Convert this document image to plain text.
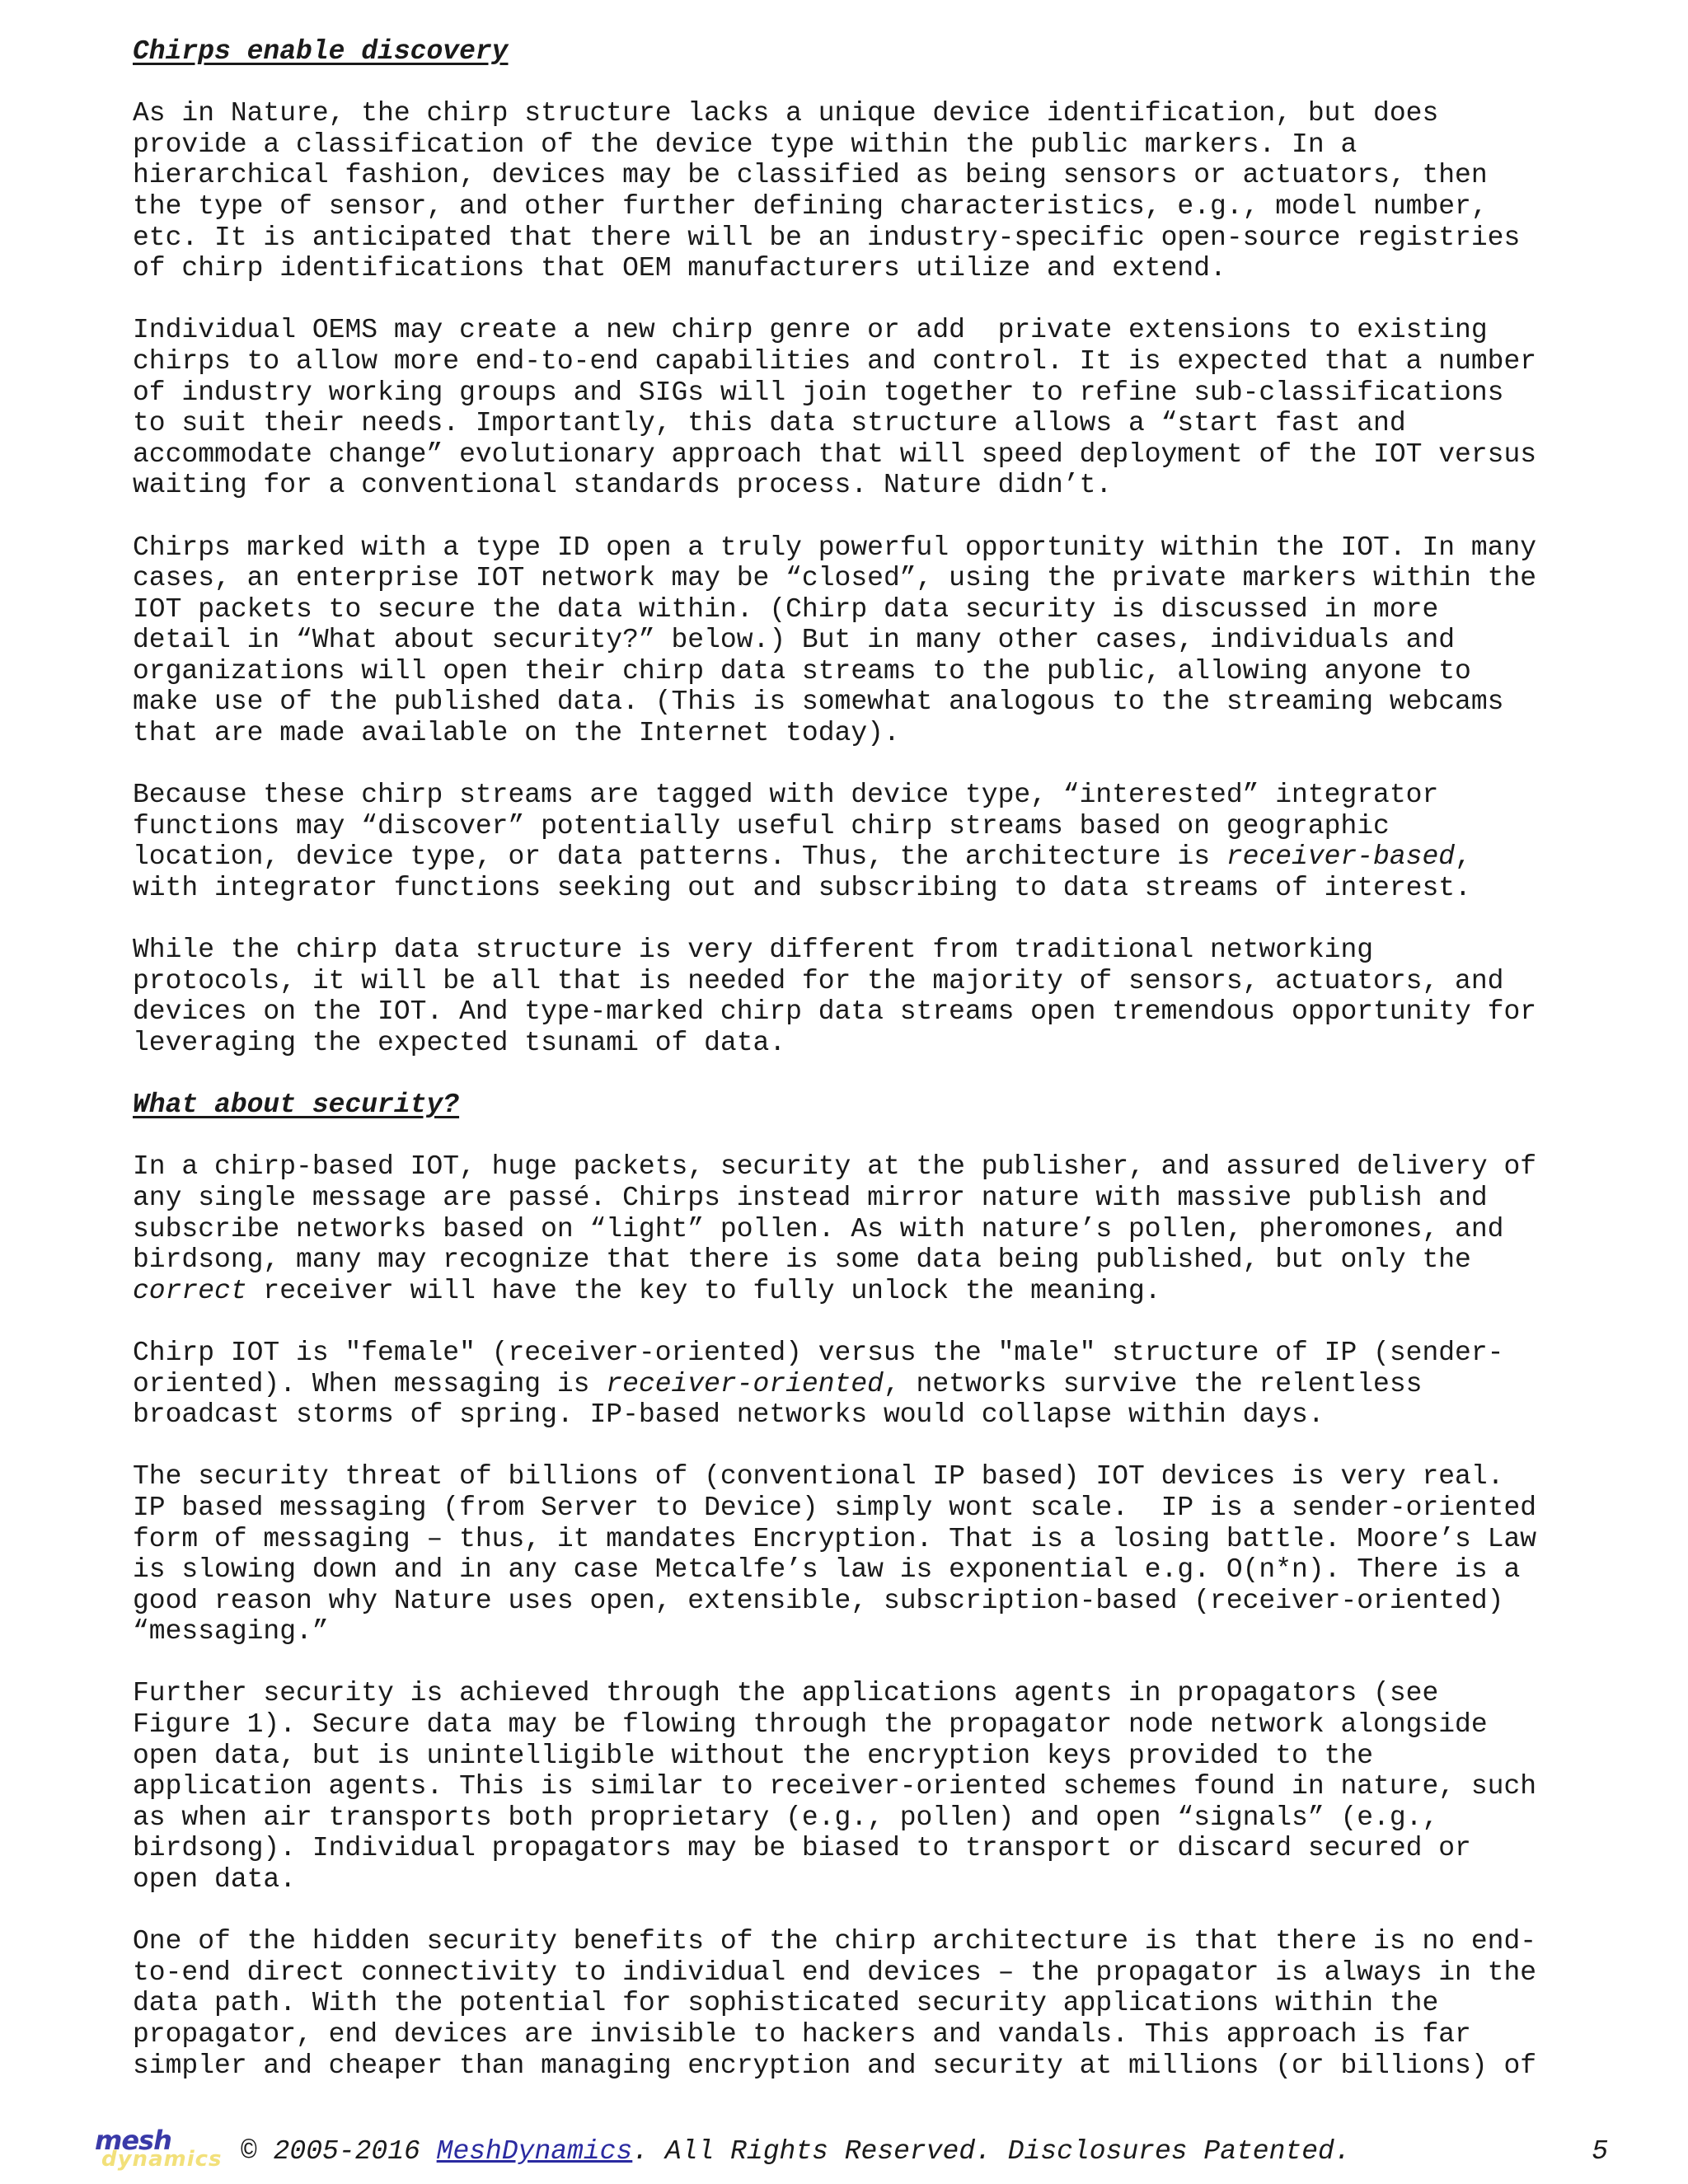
Chirps enable discovery

As in Nature, the chirp structure lacks a unique device identification, but does
provide a classification of the device type within the public markers. In a
hierarchical fashion, devices may be classified as being sensors or actuators, then
the type of sensor, and other further defining characteristics, e.g., model number,
etc. It is anticipated that there will be an industry-specific open-source registries
of chirp identifications that OEM manufacturers utilize and extend.

Individual OEMS may create a new chirp genre or add  private extensions to existing
chirps to allow more end-to-end capabilities and control. It is expected that a number
of industry working groups and SIGs will join together to refine sub-classifications
to suit their needs. Importantly, this data structure allows a “start fast and
accommodate change” evolutionary approach that will speed deployment of the IOT versus
waiting for a conventional standards process. Nature didn’t.

Chirps marked with a type ID open a truly powerful opportunity within the IOT. In many
cases, an enterprise IOT network may be “closed”, using the private markers within the
IOT packets to secure the data within. (Chirp data security is discussed in more
detail in “What about security?” below.) But in many other cases, individuals and
organizations will open their chirp data streams to the public, allowing anyone to
make use of the published data. (This is somewhat analogous to the streaming webcams
that are made available on the Internet today).

Because these chirp streams are tagged with device type, “interested” integrator
functions may “discover” potentially useful chirp streams based on geographic
location, device type, or data patterns. Thus, the architecture is receiver-based,
with integrator functions seeking out and subscribing to data streams of interest.

While the chirp data structure is very different from traditional networking
protocols, it will be all that is needed for the majority of sensors, actuators, and
devices on the IOT. And type-marked chirp data streams open tremendous opportunity for
leveraging the expected tsunami of data.

What about security?

In a chirp-based IOT, huge packets, security at the publisher, and assured delivery of
any single message are passé. Chirps instead mirror nature with massive publish and
subscribe networks based on “light” pollen. As with nature’s pollen, pheromones, and
birdsong, many may recognize that there is some data being published, but only the
correct receiver will have the key to fully unlock the meaning.

Chirp IOT is "female" (receiver-oriented) versus the "male" structure of IP (sender-
oriented). When messaging is receiver-oriented, networks survive the relentless
broadcast storms of spring. IP-based networks would collapse within days.

The security threat of billions of (conventional IP based) IOT devices is very real.
IP based messaging (from Server to Device) simply wont scale.  IP is a sender-oriented
form of messaging – thus, it mandates Encryption. That is a losing battle. Moore’s Law
is slowing down and in any case Metcalfe’s law is exponential e.g. O(n*n). There is a
good reason why Nature uses open, extensible, subscription-based (receiver-oriented)
“messaging.”

Further security is achieved through the applications agents in propagators (see
Figure 1). Secure data may be flowing through the propagator node network alongside
open data, but is unintelligible without the encryption keys provided to the
application agents. This is similar to receiver-oriented schemes found in nature, such
as when air transports both proprietary (e.g., pollen) and open “signals” (e.g.,
birdsong). Individual propagators may be biased to transport or discard secured or
open data.

One of the hidden security benefits of the chirp architecture is that there is no end-
to-end direct connectivity to individual end devices – the propagator is always in the
data path. With the potential for sophisticated security applications within the
propagator, end devices are invisible to hackers and vandals. This approach is far
simpler and cheaper than managing encryption and security at millions (or billions) of

dynamics
mesh	© 2005-2016 MeshDynamics. All Rights Reserved. Disclosures Patented.	5
